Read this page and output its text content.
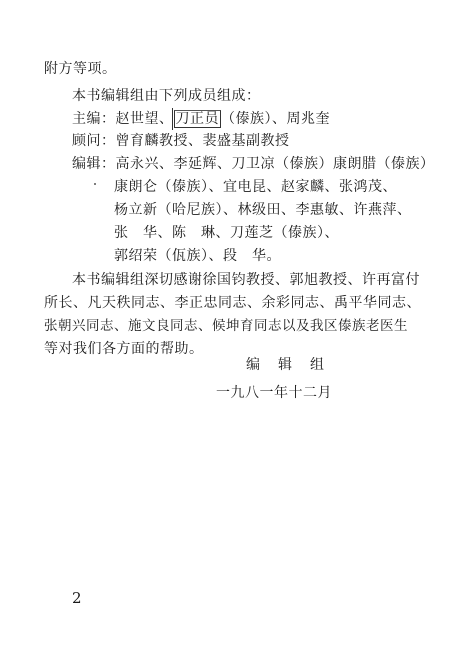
附方等项。
本书编辑组由下列成员组成：
主编：赵世望、 刀正员 （傣族）、周兆奎
顾问：曾育麟教授、裴盛基副教授
编辑：高永兴、李延辉、刀卫凉（傣族）康朗腊（傣族）
康朗仑（傣族）、宜电昆、赵家麟、张鸿茂、
杨立新（哈尼族）、林级田、李惠敏、许燕萍、
张　华、陈　琳、刀莲芝（傣族）、
郭绍荣（佤族）、段　华。
本书编辑组深切感谢徐国钧教授、郭旭教授、许再富付
所长、凡天秩同志、李正忠同志、余彩同志、禹平华同志、
张朝兴同志、施文良同志、候坤育同志以及我区傣族老医生
等对我们各方面的帮助。
编　辑　组
一九八一年十二月
2
